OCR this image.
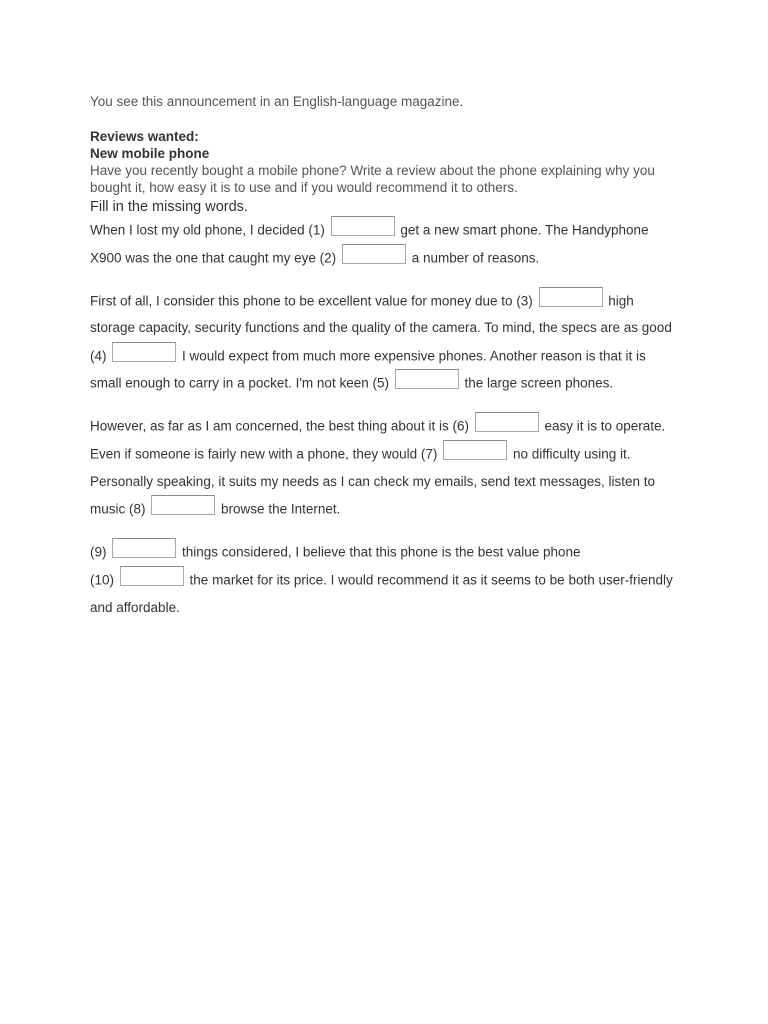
You see this announcement in an English-language magazine.

Reviews wanted:

New mobile phone

Have you recently bought a mobile phone? Write a review about the phone explaining why you bought it, how easy it is to use and if you would recommend it to others.

Fill in the missing words.

When I lost my old phone, I decided (1)	get a new smart phone. The Handyphone X900 was the one that caught my eye (2)	a number of reasons.

First of all, I consider this phone to be excellent value for money due to (3)	high storage capacity, security functions and the quality of the camera. To mind, the specs are as good (4)	I would expect from much more expensive phones. Another reason is that it is small enough to carry in a pocket. I'm not keen (5)	the large screen phones.

However, as far as I am concerned, the best thing about it is (6)	easy it is to operate. Even if someone is fairly new with a phone, they would (7)	no difficulty using it. Personally speaking, it suits my needs as I can check my emails, send text messages, listen to music (8)	browse the Internet.

(9)	things considered, I believe that this phone is the best value phone
(10)	the market for its price. I would recommend it as it seems to be both user-friendly and affordable.
